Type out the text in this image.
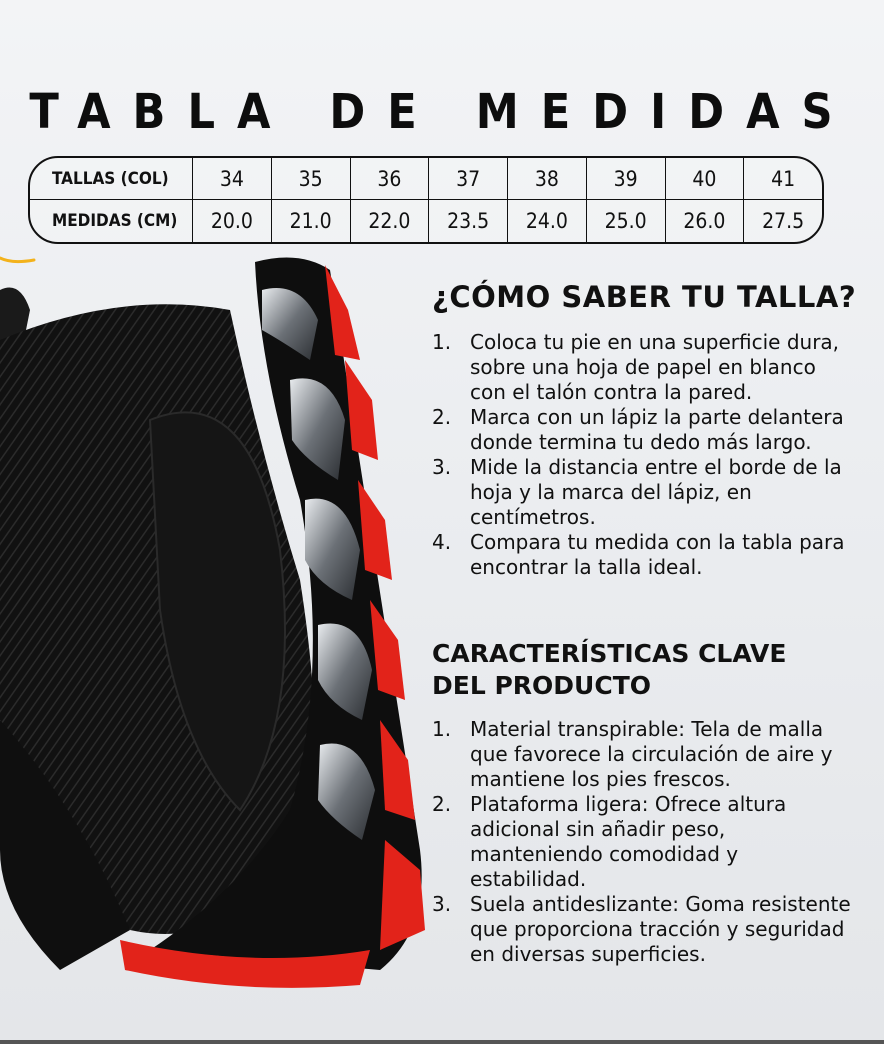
TABLA DE MEDIDAS
TALLAS (COL)	34	35	36	37	38	39	40	41
MEDIDAS (CM)	20.0	21.0	22.0	23.5	24.0	25.0	26.0	27.5
¿CÓMO SABER TU TALLA?
1. Coloca tu pie en una superficie dura, sobre una hoja de papel en blanco con el talón contra la pared.
2. Marca con un lápiz la parte delantera donde termina tu dedo más largo.
3. Mide la distancia entre el borde de la hoja y la marca del lápiz, en centímetros.
4. Compara tu medida con la tabla para encontrar la talla ideal.
CARACTERÍSTICAS CLAVE DEL PRODUCTO
1. Material transpirable: Tela de malla que favorece la circulación de aire y mantiene los pies frescos.
2. Plataforma ligera: Ofrece altura adicional sin añadir peso, manteniendo comodidad y estabilidad.
3. Suela antideslizante: Goma resistente que proporciona tracción y seguridad en diversas superficies.
